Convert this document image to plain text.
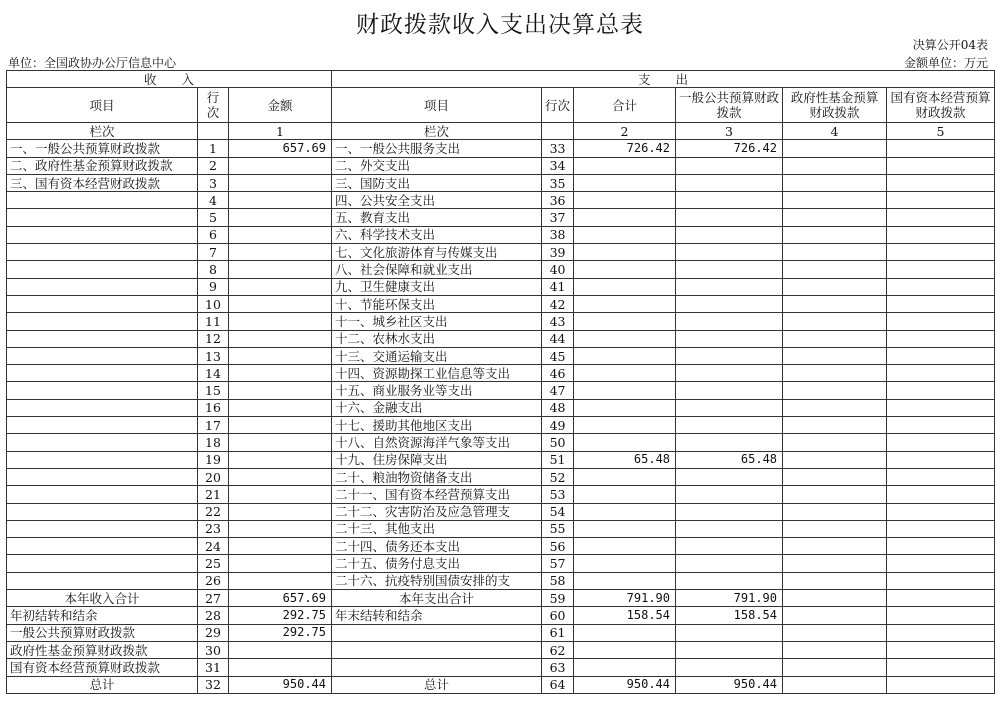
财政拨款收入支出决算总表
决算公开04表
单位：全国政协办公厅信息中心	金额单位：万元
收　　入			支　　出					
项目	行次	金额	项目	行次	合计	一般公共预算财政拨款	政府性基金预算财政拨款	国有资本经营预算财政拨款
栏次		1	栏次		2	3	4	5
一、一般公共预算财政拨款	1	657.69	一、一般公共服务支出	33	726.42	726.42		
二、政府性基金预算财政拨款	2		二、外交支出	34				
三、国有资本经营财政拨款	3		三、国防支出	35				
	4		四、公共安全支出	36				
	5		五、教育支出	37				
	6		六、科学技术支出	38				
	7		七、文化旅游体育与传媒支出	39				
	8		八、社会保障和就业支出	40				
	9		九、卫生健康支出	41				
	10		十、节能环保支出	42				
	11		十一、城乡社区支出	43				
	12		十二、农林水支出	44				
	13		十三、交通运输支出	45				
	14		十四、资源勘探工业信息等支出	46				
	15		十五、商业服务业等支出	47				
	16		十六、金融支出	48				
	17		十七、援助其他地区支出	49				
	18		十八、自然资源海洋气象等支出	50				
	19		十九、住房保障支出	51	65.48	65.48		
	20		二十、粮油物资储备支出	52				
	21		二十一、国有资本经营预算支出	53				
	22		二十二、灾害防治及应急管理支	54				
	23		二十三、其他支出	55				
	24		二十四、债务还本支出	56				
	25		二十五、债务付息支出	57				
	26		二十六、抗疫特别国债安排的支	58				
本年收入合计	27	657.69	本年支出合计	59	791.90	791.90		
年初结转和结余	28	292.75	年末结转和结余	60	158.54	158.54		
一般公共预算财政拨款	29	292.75		61				
政府性基金预算财政拨款	30			62				
国有资本经营预算财政拨款	31			63				
总计	32	950.44	总计	64	950.44	950.44		
